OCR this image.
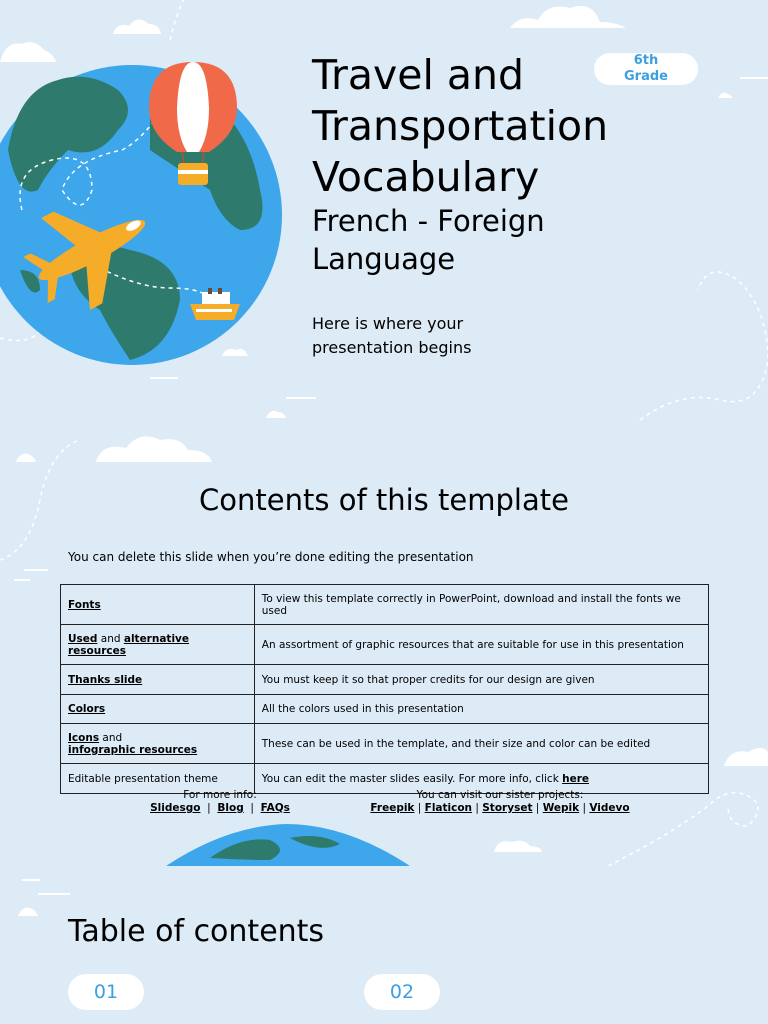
Travel and Transportation Vocabulary
French - Foreign Language
Here is where your presentation begins
6th
Grade
Contents of this template
You can delete this slide when you’re done editing the presentation
Fonts	To view this template correctly in PowerPoint, download and install the fonts we used
Used and alternative resources	An assortment of graphic resources that are suitable for use in this presentation
Thanks slide	You must keep it so that proper credits for our design are given
Colors	All the colors used in this presentation
Icons and
infographic resources	These can be used in the template, and their size and color can be edited
Editable presentation theme	You can edit the master slides easily. For more info, click here
For more info:
Slidesgo  |  Blog  |  FAQs
You can visit our sister projects:
Freepik | Flaticon | Storyset | Wepik | Videvo
Table of contents
01	02
